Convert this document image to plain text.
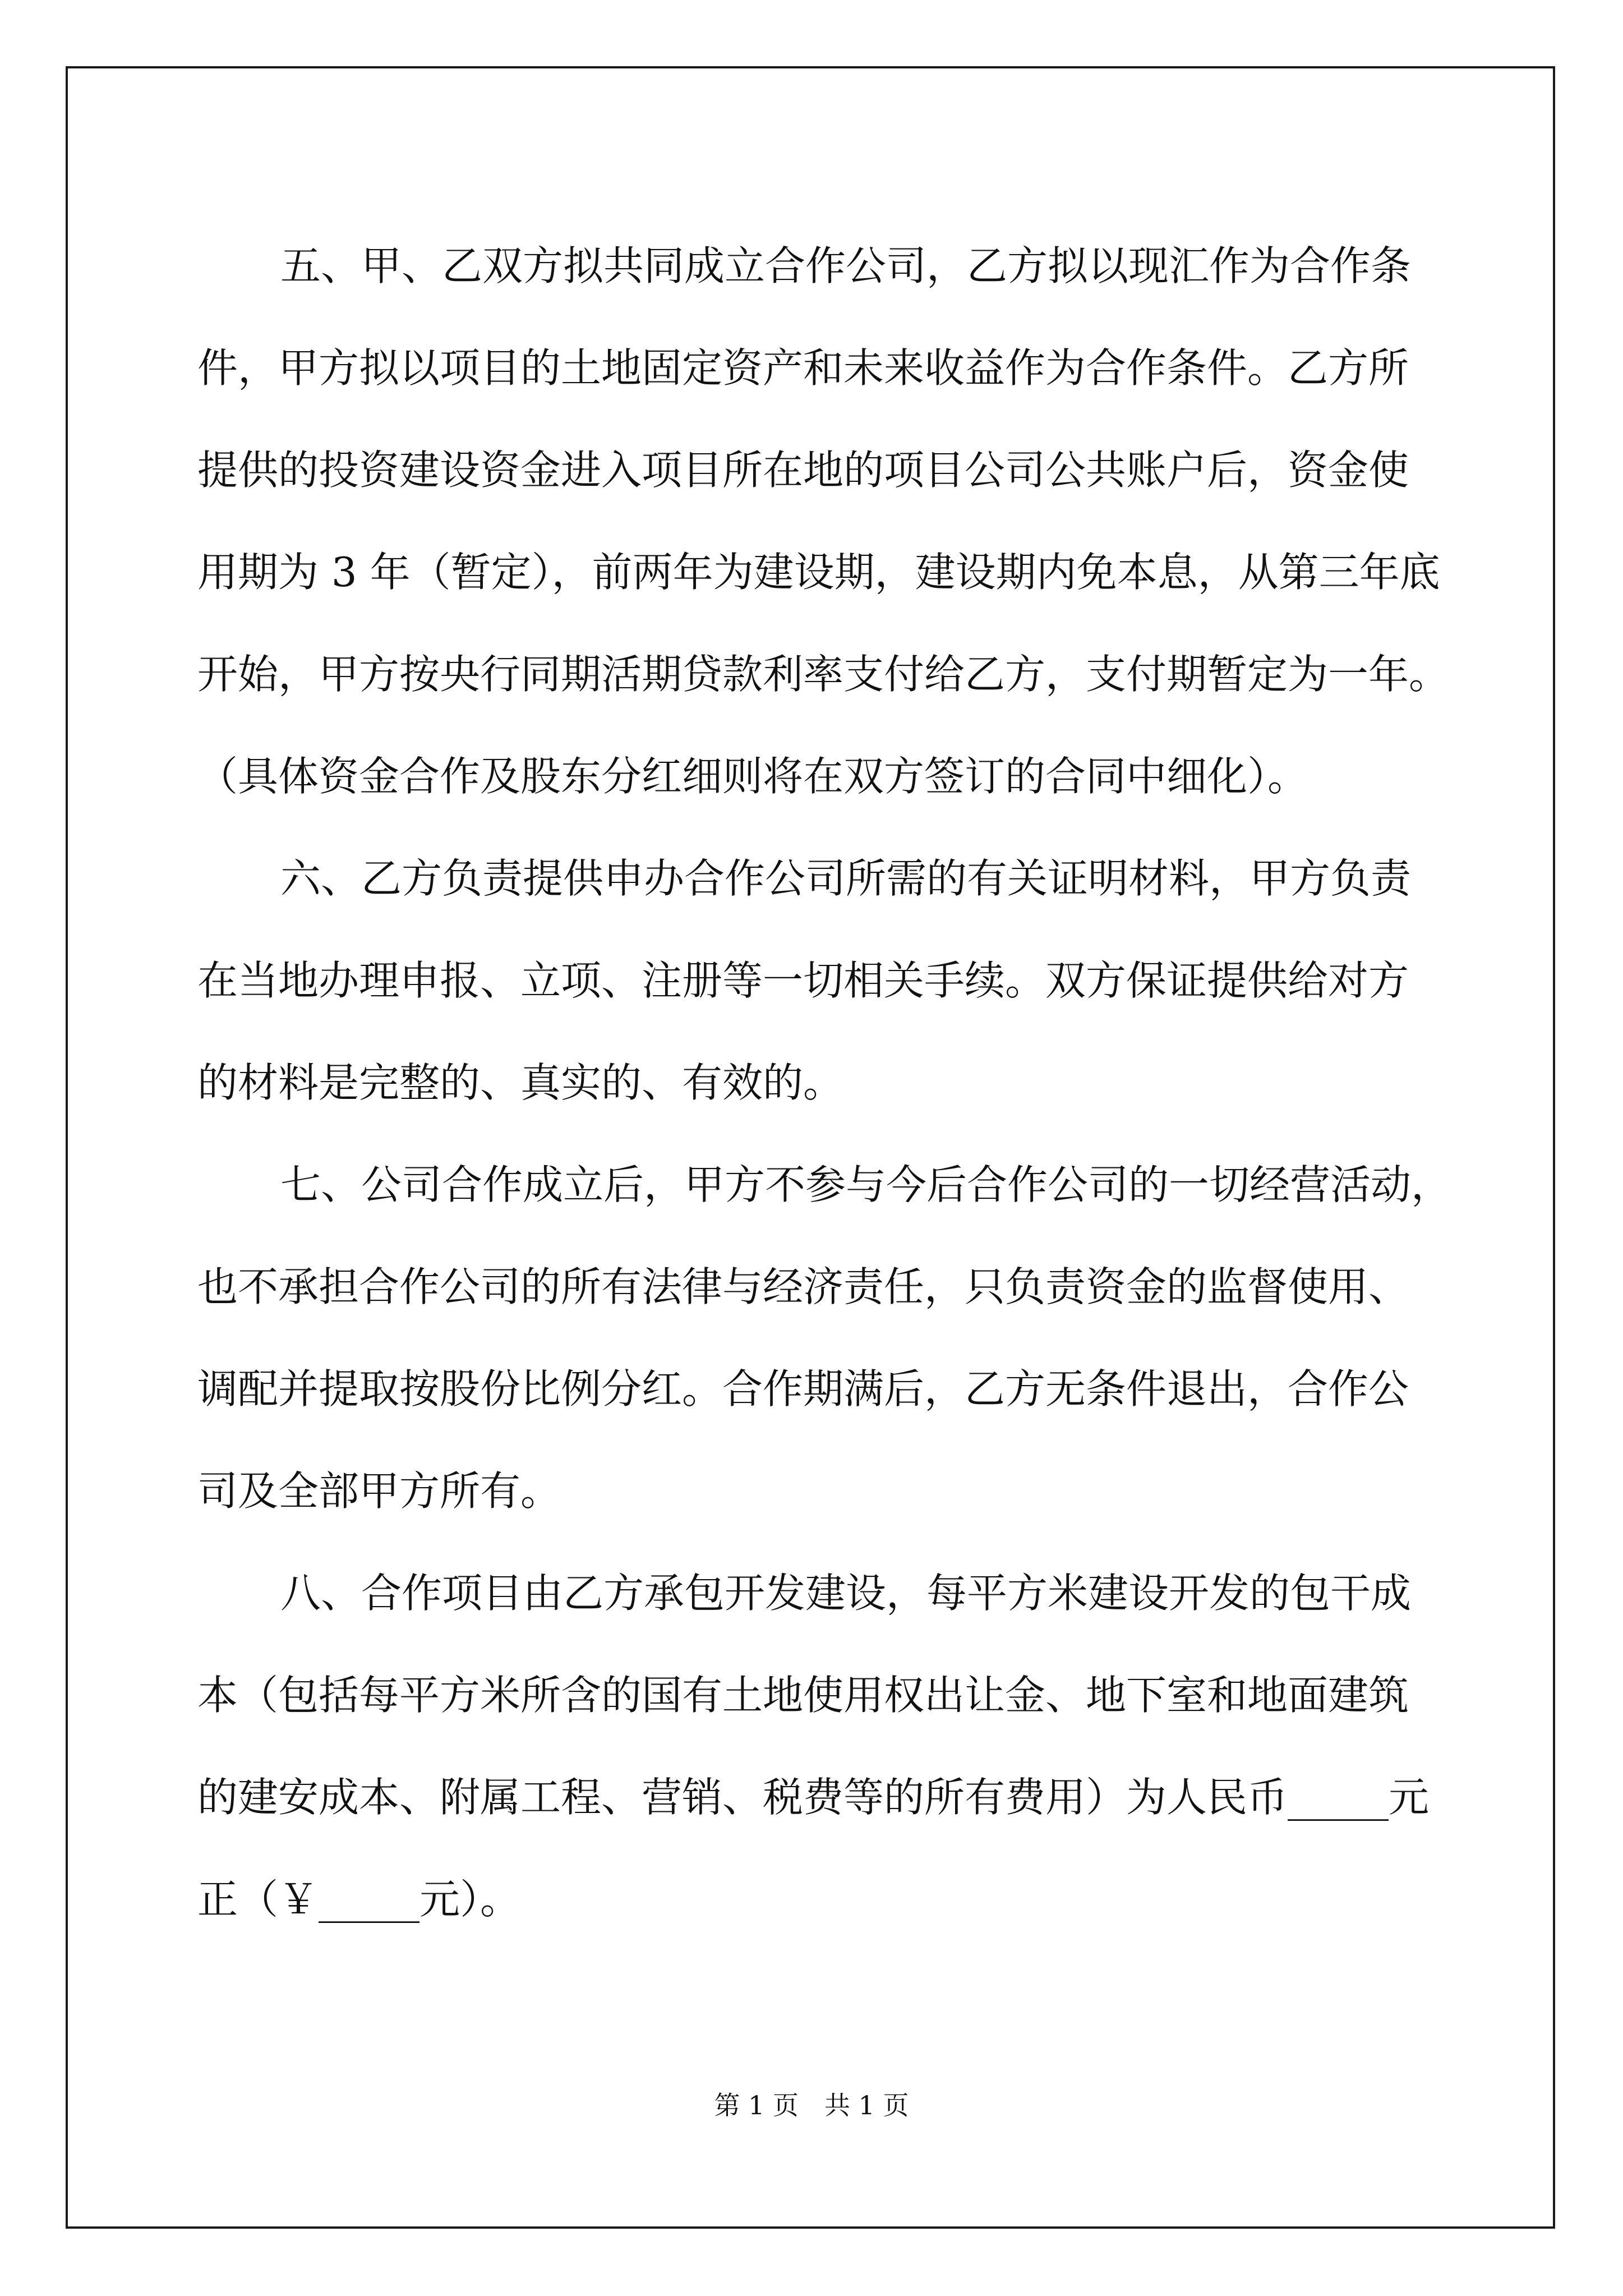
五、甲、乙双方拟共同成立合作公司，乙方拟以现汇作为合作条
件，甲方拟以项目的土地固定资产和未来收益作为合作条件。乙方所
提供的投资建设资金进入项目所在地的项目公司公共账户后，资金使
用期为 3 年（暂定），前两年为建设期，建设期内免本息，从第三年底
开始，甲方按央行同期活期贷款利率支付给乙方，支付期暂定为一年。
（具体资金合作及股东分红细则将在双方签订的合同中细化）。
六、乙方负责提供申办合作公司所需的有关证明材料，甲方负责
在当地办理申报、立项、注册等一切相关手续。双方保证提供给对方
的材料是完整的、真实的、有效的。
七、公司合作成立后，甲方不参与今后合作公司的一切经营活动，
也不承担合作公司的所有法律与经济责任，只负责资金的监督使用、
调配并提取按股份比例分红。合作期满后，乙方无条件退出，合作公
司及全部甲方所有。
八、合作项目由乙方承包开发建设，每平方米建设开发的包干成
本（包括每平方米所含的国有土地使用权出让金、地下室和地面建筑
的建安成本、附属工程、营销、税费等的所有费用）为人民币_____元
正（￥_____元）。
第 1 页　共 1 页
